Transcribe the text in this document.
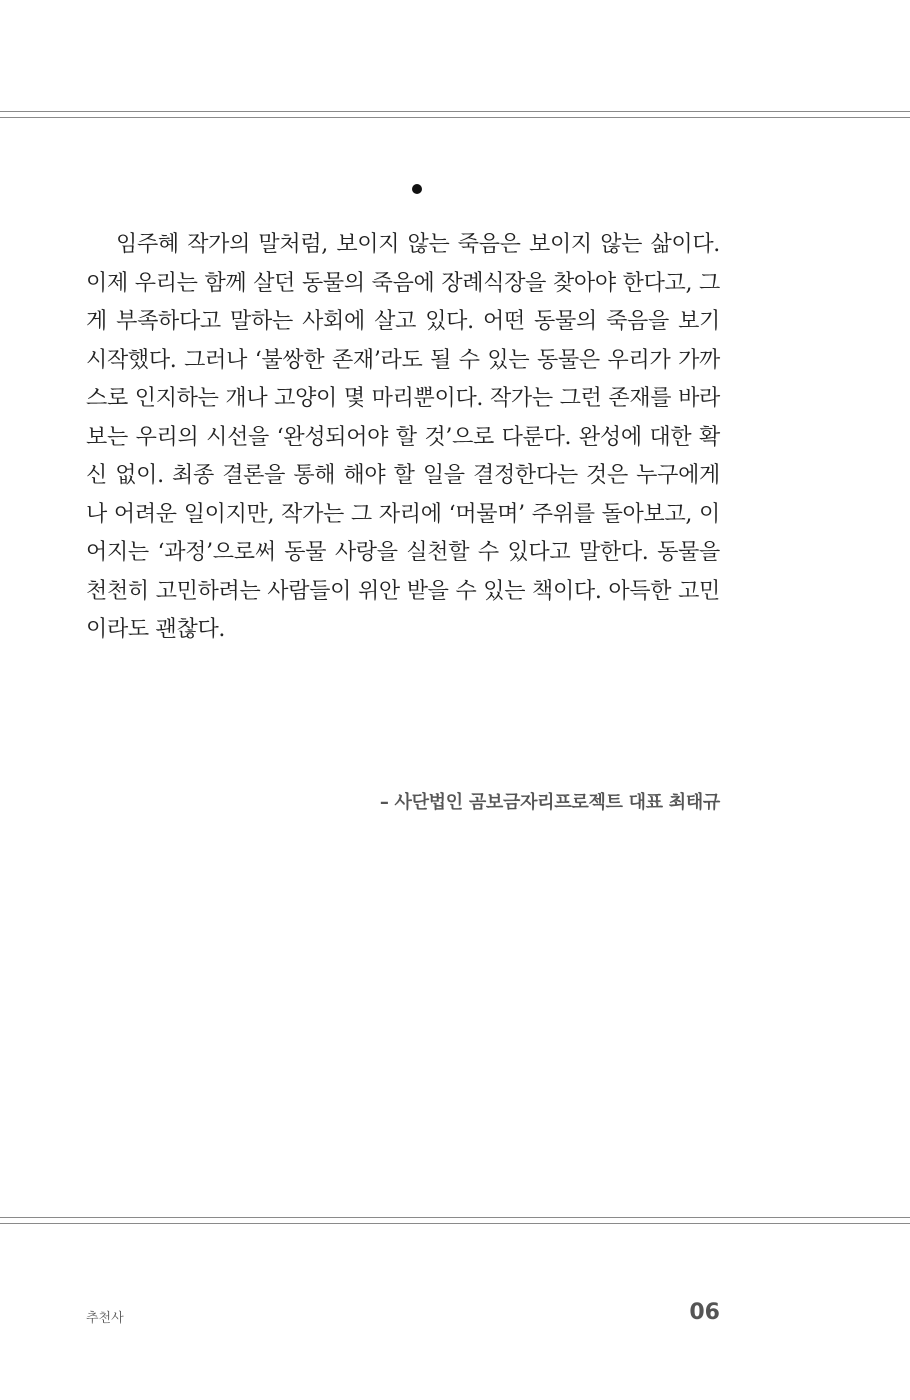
임주혜 작가의 말처럼, 보이지 않는 죽음은 보이지 않는 삶이다.
이제 우리는 함께 살던 동물의 죽음에 장례식장을 찾아야 한다고, 그
게 부족하다고 말하는 사회에 살고 있다. 어떤 동물의 죽음을 보기
시작했다. 그러나 ‘불쌍한 존재’라도 될 수 있는 동물은 우리가 가까
스로 인지하는 개나 고양이 몇 마리뿐이다. 작가는 그런 존재를 바라
보는 우리의 시선을 ‘완성되어야 할 것’으로 다룬다. 완성에 대한 확
신 없이. 최종 결론을 통해 해야 할 일을 결정한다는 것은 누구에게
나 어려운 일이지만, 작가는 그 자리에 ‘머물며’ 주위를 돌아보고, 이
어지는 ‘과정’으로써 동물 사랑을 실천할 수 있다고 말한다. 동물을
천천히 고민하려는 사람들이 위안 받을 수 있는 책이다. 아득한 고민
이라도 괜찮다.
– 사단법인 곰보금자리프로젝트 대표 최태규
추천사	06
